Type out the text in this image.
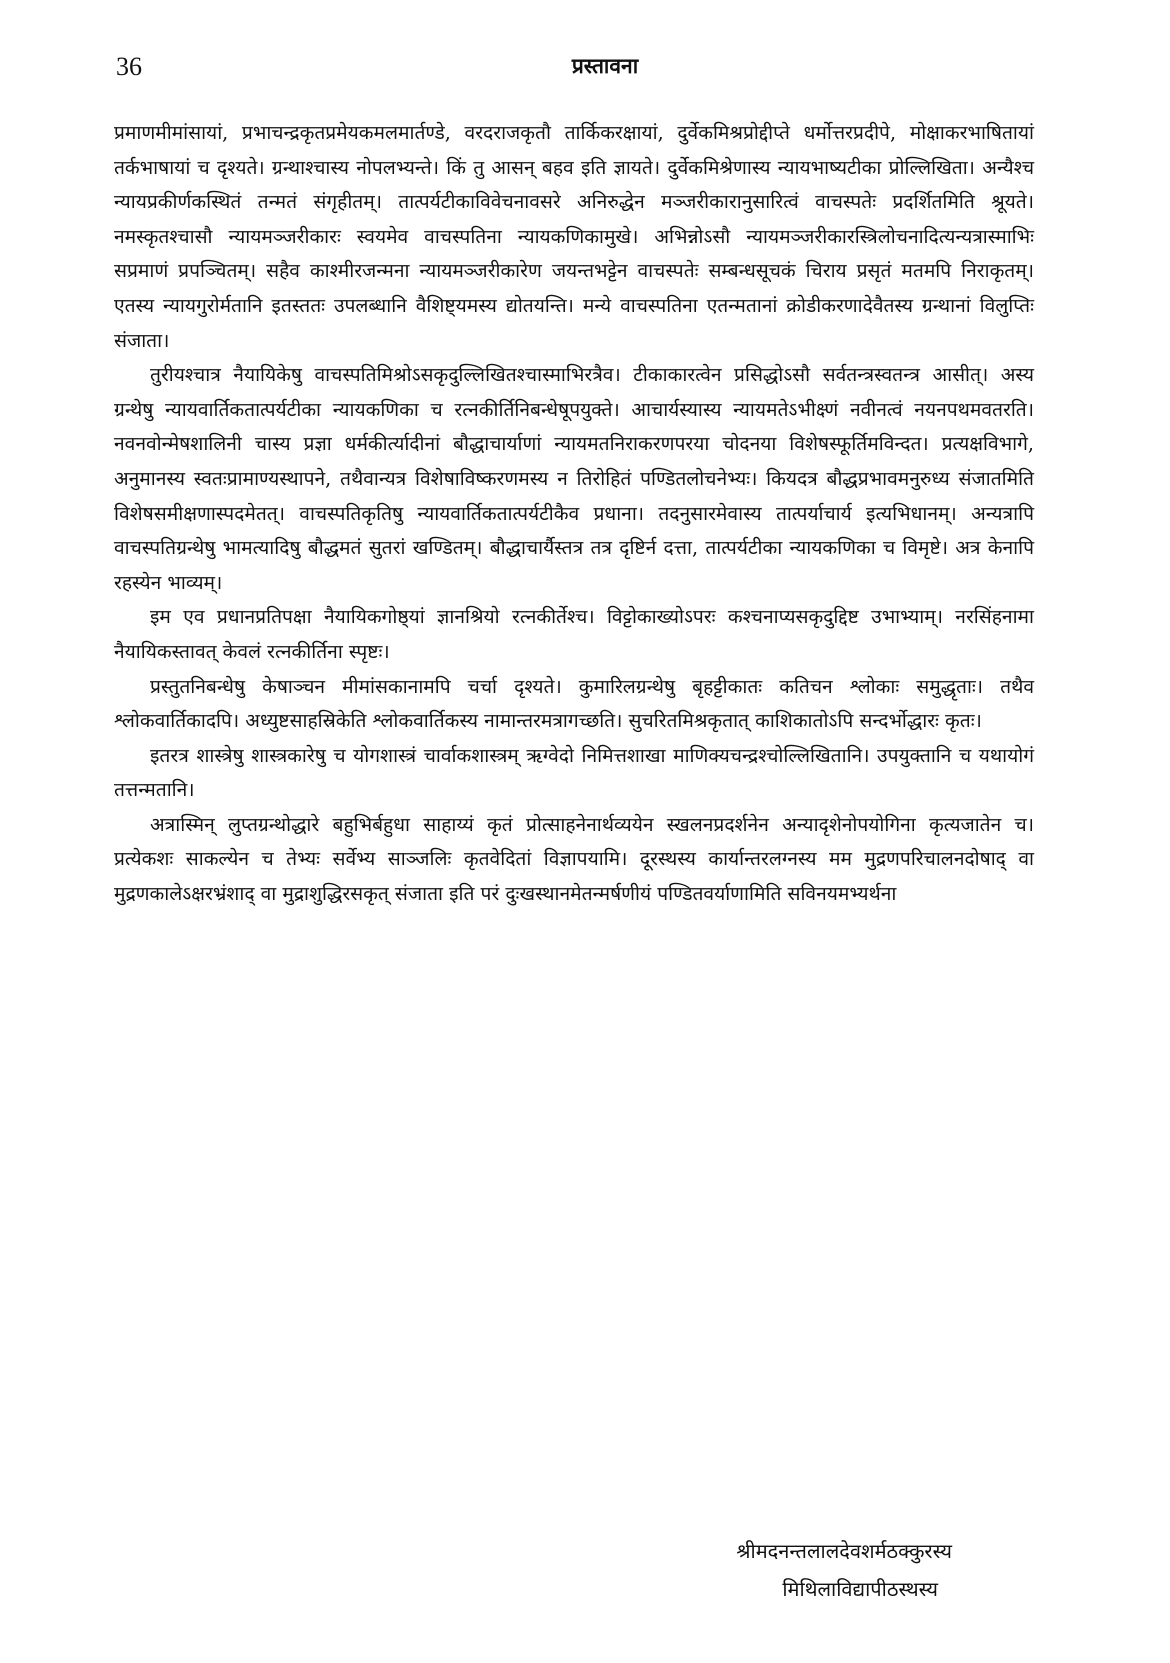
36	प्रस्तावना

प्रमाणमीमांसायां, प्रभाचन्द्रकृतप्रमेयकमलमार्तण्डे, वरदराजकृतौ तार्किकरक्षायां, दुर्वेकमिश्रप्रोद्दीप्ते धर्मोत्तरप्रदीपे, मोक्षाकरभाषितायां तर्कभाषायां च दृश्यते। ग्रन्थाश्चास्य नोपलभ्यन्ते। किं तु आसन् बहव इति ज्ञायते। दुर्वेकमिश्रेणास्य न्यायभाष्यटीका प्रोल्लिखिता। अन्यैश्च न्यायप्रकीर्णकस्थितं तन्मतं संगृहीतम्। तात्पर्यटीकाविवेचनावसरे अनिरुद्धेन मञ्जरीकारानुसारित्वं वाचस्पतेः प्रदर्शितमिति श्रूयते। नमस्कृतश्चासौ न्यायमञ्जरीकारः स्वयमेव वाचस्पतिना न्यायकणिकामुखे। अभिन्नोऽसौ न्यायमञ्जरीकारस्त्रिलोचनादित्यन्यत्रास्माभिः सप्रमाणं प्रपञ्चितम्। सहैव काश्मीरजन्मना न्यायमञ्जरीकारेण जयन्तभट्टेन वाचस्पतेः सम्बन्धसूचकं चिराय प्रसृतं मतमपि निराकृतम्। एतस्य न्यायगुरोर्मतानि इतस्ततः उपलब्धानि वैशिष्ट्यमस्य द्योतयन्ति। मन्ये वाचस्पतिना एतन्मतानां क्रोडीकरणादेवैतस्य ग्रन्थानां विलुप्तिः संजाता।

तुरीयश्चात्र नैयायिकेषु वाचस्पतिमिश्रोऽसकृदुल्लिखितश्चास्माभिरत्रैव। टीकाकारत्वेन प्रसिद्धोऽसौ सर्वतन्त्रस्वतन्त्र आसीत्। अस्य ग्रन्थेषु न्यायवार्तिकतात्पर्यटीका न्यायकणिका च रत्नकीर्तिनिबन्धेषूपयुक्ते। आचार्यस्यास्य न्यायमतेऽभीक्ष्णं नवीनत्वं नयनपथमवतरति। नवनवोन्मेषशालिनी चास्य प्रज्ञा धर्मकीर्त्यादीनां बौद्धाचार्याणां न्यायमतनिराकरणपरया चोदनया विशेषस्फूर्तिमविन्दत। प्रत्यक्षविभागे, अनुमानस्य स्वतःप्रामाण्यस्थापने, तथैवान्यत्र विशेषाविष्करणमस्य न तिरोहितं पण्डितलोचनेभ्यः। कियदत्र बौद्धप्रभावमनुरुध्य संजातमिति विशेषसमीक्षणास्पदमेतत्। वाचस्पतिकृतिषु न्यायवार्तिकतात्पर्यटीकैव प्रधाना। तदनुसारमेवास्य तात्पर्याचार्य इत्यभिधानम्। अन्यत्रापि वाचस्पतिग्रन्थेषु भामत्यादिषु बौद्धमतं सुतरां खण्डितम्। बौद्धाचार्यैस्तत्र तत्र दृष्टिर्न दत्ता, तात्पर्यटीका न्यायकणिका च विमृष्टे। अत्र केनापि रहस्येन भाव्यम्।

इम एव प्रधानप्रतिपक्षा नैयायिकगोष्ठ्यां ज्ञानश्रियो रत्नकीर्तेश्च। विट्टोकाख्योऽपरः कश्चनाप्यसकृदुद्दिष्ट उभाभ्याम्। नरसिंहनामा नैयायिकस्तावत् केवलं रत्नकीर्तिना स्पृष्टः।

प्रस्तुतनिबन्धेषु केषाञ्चन मीमांसकानामपि चर्चा दृश्यते। कुमारिलग्रन्थेषु बृहट्टीकातः कतिचन श्लोकाः समुद्धृताः। तथैव श्लोकवार्तिकादपि। अध्युष्टसाहस्रिकेति श्लोकवार्तिकस्य नामान्तरमत्रागच्छति। सुचरितमिश्रकृतात् काशिकातोऽपि सन्दर्भोद्धारः कृतः।

इतरत्र शास्त्रेषु शास्त्रकारेषु च योगशास्त्रं चार्वाकशास्त्रम् ऋग्वेदो निमित्तशाखा माणिक्यचन्द्रश्चोल्लिखितानि। उपयुक्तानि च यथायोगं तत्तन्मतानि।

अत्रास्मिन् लुप्तग्रन्थोद्धारे बहुभिर्बहुधा साहाय्यं कृतं प्रोत्साहनेनार्थव्ययेन स्खलनप्रदर्शनेन अन्यादृशेनोपयोगिना कृत्यजातेन च। प्रत्येकशः साकल्येन च तेभ्यः सर्वेभ्य साञ्जलिः कृतवेदितां विज्ञापयामि। दूरस्थस्य कार्यान्तरलग्नस्य मम मुद्रणपरिचालनदोषाद् वा मुद्रणकालेऽक्षरभ्रंशाद् वा मुद्राशुद्धिरसकृत् संजाता इति परं दुःखस्थानमेतन्मर्षणीयं पण्डितवर्याणामिति सविनयमभ्यर्थना

श्रीमदनन्तलालदेवशर्मठक्कुरस्य
मिथिलाविद्यापीठस्थस्य
